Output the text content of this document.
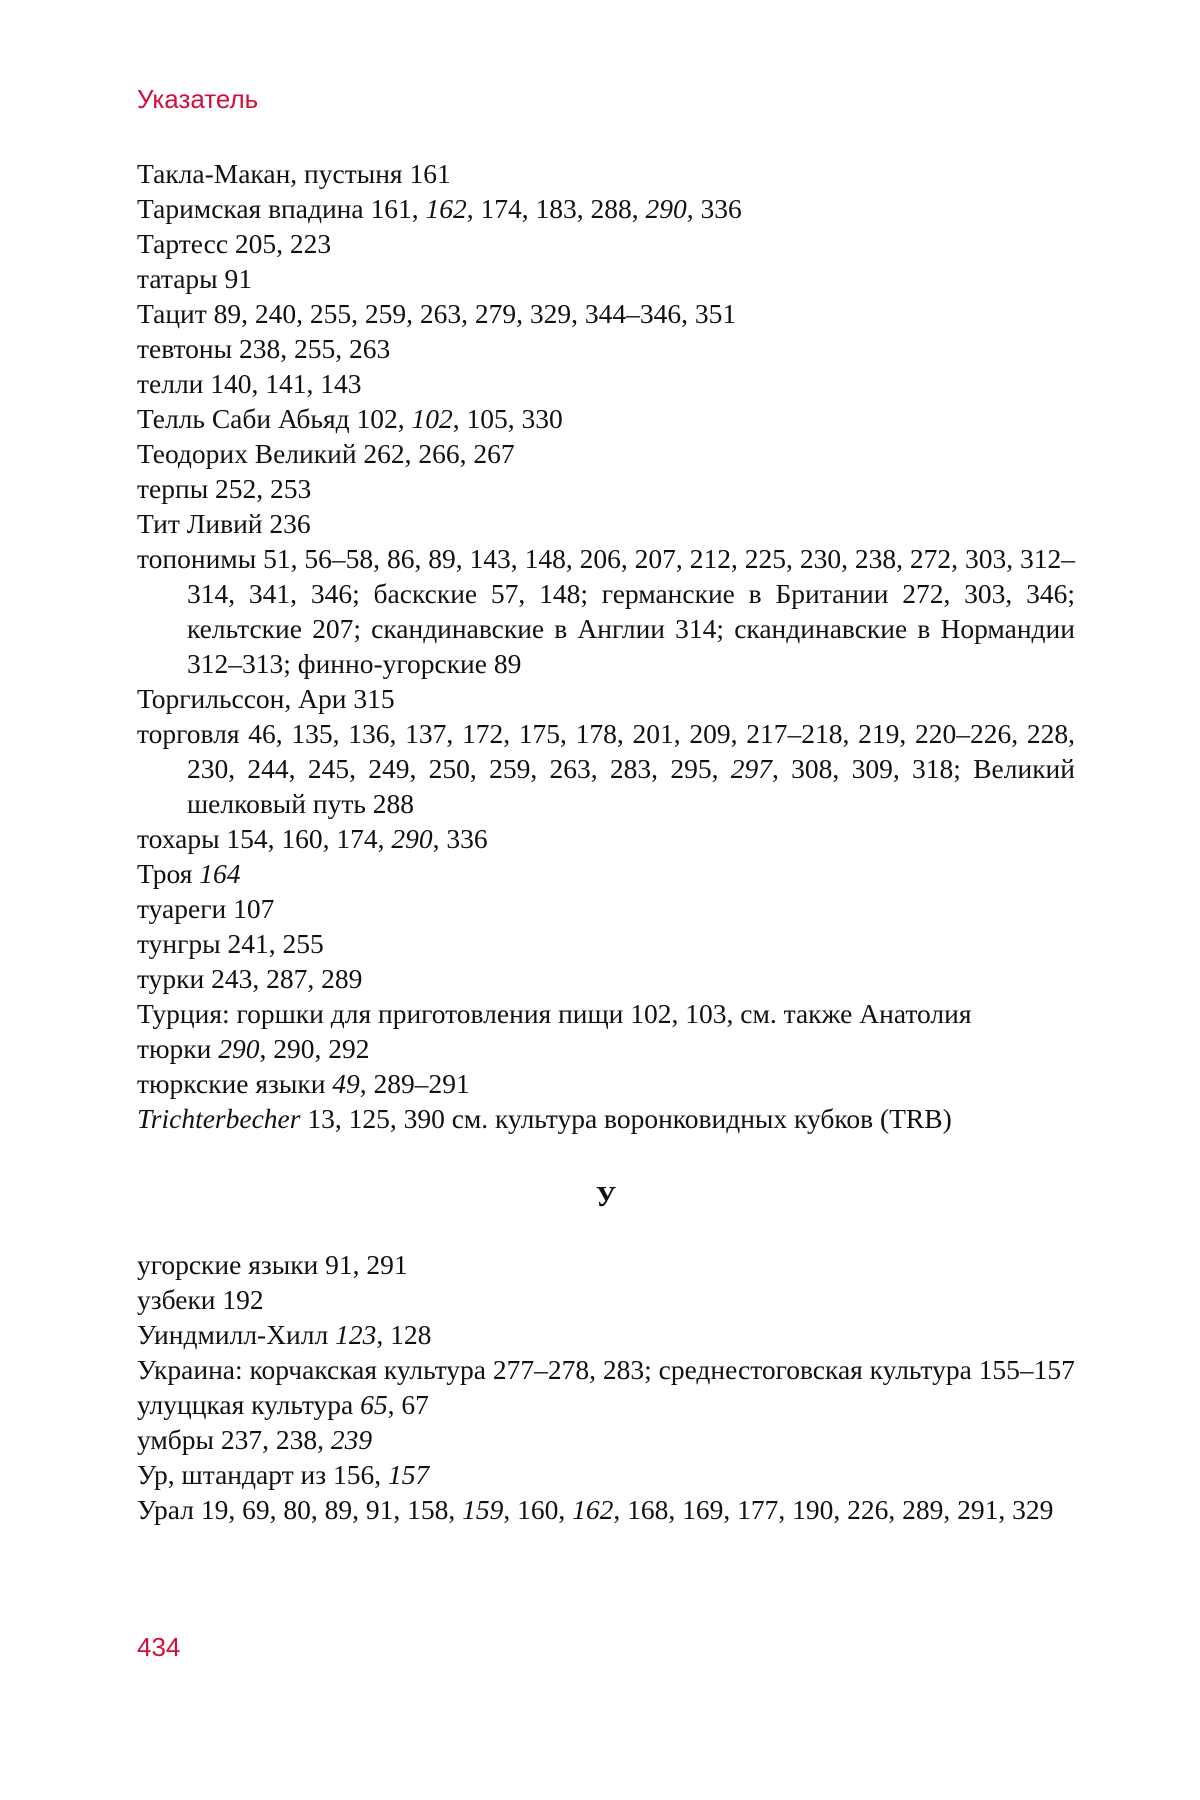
Указатель

Такла-Макан, пустыня 161

Таримская впадина 161, 162, 174, 183, 288, 290, 336

Тартесс 205, 223

татары 91

Тацит 89, 240, 255, 259, 263, 279, 329, 344–346, 351

тевтоны 238, 255, 263

телли 140, 141, 143

Телль Саби Абьяд 102, 102, 105, 330

Теодорих Великий 262, 266, 267

терпы 252, 253

Тит Ливий 236

топонимы 51, 56–58, 86, 89, 143, 148, 206, 207, 212, 225, 230, 238, 272, 303, 312–314, 341, 346; баскские 57, 148; германские в Британии 272, 303, 346; кельтские 207; скандинавские в Англии 314; скандинавские в Нормандии 312–313; финно-угорские 89

Торгильссон, Ари 315

торговля 46, 135, 136, 137, 172, 175, 178, 201, 209, 217–218, 219, 220–226, 228, 230, 244, 245, 249, 250, 259, 263, 283, 295, 297, 308, 309, 318; Великий шелковый путь 288

тохары 154, 160, 174, 290, 336

Троя 164

туареги 107

тунгры 241, 255

турки 243, 287, 289

Турция: горшки для приготовления пищи 102, 103, см. также Анатолия

тюрки 290, 290, 292

тюркские языки 49, 289–291

Trichterbecher 13, 125, 390 см. культура воронковидных кубков (TRB)

У

угорские языки 91, 291

узбеки 192

Уиндмилл-Хилл 123, 128

Украина: корчакская культура 277–278, 283; среднестоговская культура 155–157

улуццкая культура 65, 67

умбры 237, 238, 239

Ур, штандарт из 156, 157

Урал 19, 69, 80, 89, 91, 158, 159, 160, 162, 168, 169, 177, 190, 226, 289, 291, 329

434
